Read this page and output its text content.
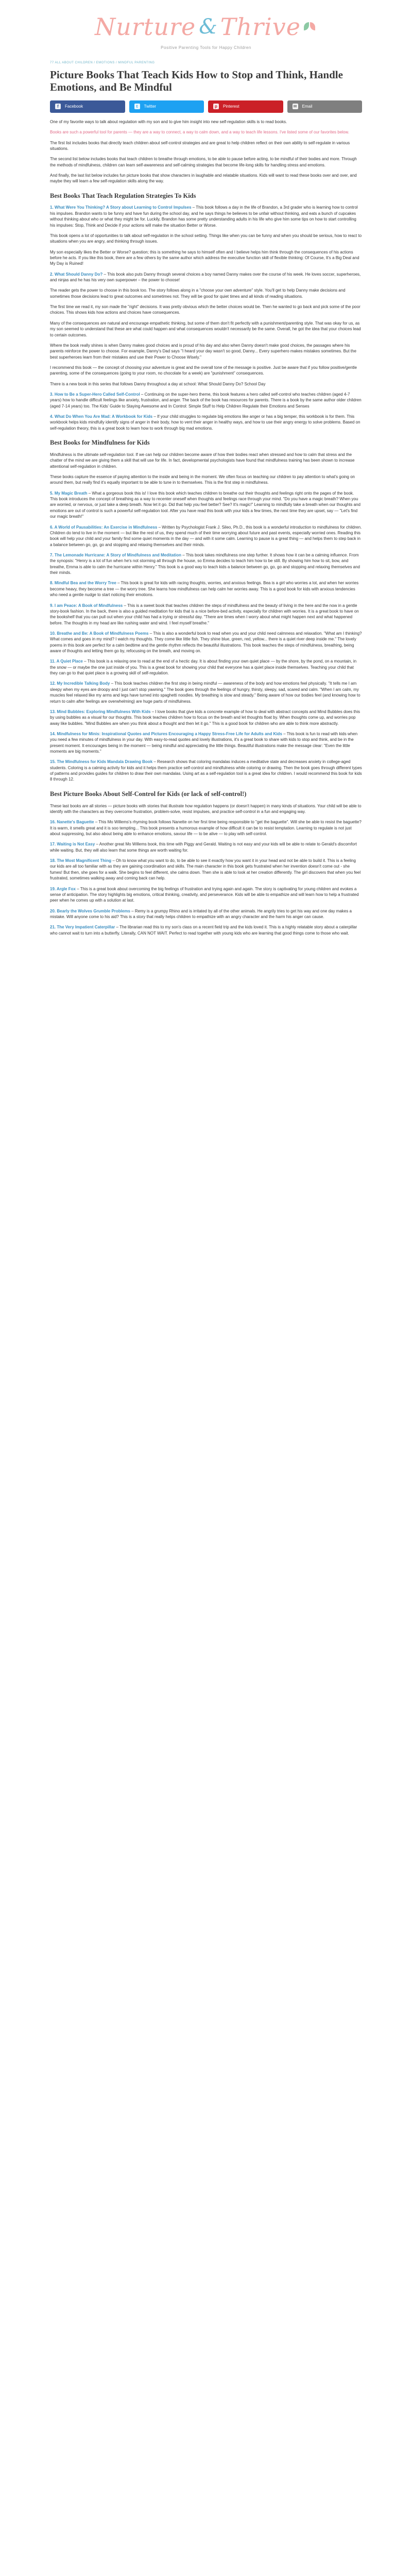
Nurture & Thrive
Positive Parenting Tools for Happy Children
77 ALL ABOUT CHILDREN / EMOTIONS / MINDFUL PARENTING
Picture Books That Teach Kids How to Stop and Think, Handle Emotions, and Be Mindful
f	Facebook	t	Twitter	p	Pinterest	✉ Email

One of my favorite ways to talk about regulation with my son and to give him insight into new self-regulation skills is to read books.

Books are such a powerful tool for parents — they are a way to connect, a way to calm down, and a way to teach life lessons. I've listed some of our favorites below.

The first list includes books that directly teach children about self-control strategies and are great to help children reflect on their own ability to self-regulate in various situations.

The second list below includes books that teach children to breathe through emotions, to be able to pause before acting, to be mindful of their bodies and more. Through the methods of mindfulness, children can learn self-awareness and self-calming strategies that become life-long skills for handling stress and emotions.

And finally, the last list below includes fun picture books that show characters in laughable and relatable situations. Kids will want to read these books over and over, and maybe they will learn a few self-regulation skills along the way.

Best Books That Teach Regulation Strategies To Kids

1. What Were You Thinking? A Story about Learning to Control Impulses – This book follows a day in the life of Brandon, a 3rd grader who is learning how to control his impulses. Brandon wants to be funny and have fun during the school day, and he says things he believes to be unfair without thinking, and eats a bunch of cupcakes without thinking about who or what they might be for. Luckily, Brandon has some pretty understanding adults in his life who give him some tips on how to start controlling his impulses: Stop, Think and Decide if your actions will make the situation Better or Worse.

This book opens a lot of opportunities to talk about self-regulation in the school setting. Things like when you can be funny and when you should be serious, how to react to situations when you are angry, and thinking through issues.

My son especially likes the Better or Worse? question; this is something he says to himself often and I believe helps him think through the consequences of his actions before he acts. If you like this book, there are a few others by the same author which address the executive function skill of flexible thinking: Of Course, It's a Big Deal and My Day is Ruined!

2. What Should Danny Do? – This book also puts Danny through several choices a boy named Danny makes over the course of his week. He loves soccer, superheroes, and ninjas and he has his very own superpower – the power to choose!

The reader gets the power to choose in this book too. The story follows along in a "choose your own adventure" style. You'll get to help Danny make decisions and sometimes those decisions lead to great outcomes and sometimes not. They will be good for quiet times and all kinds of reading situations.

The first time we read it, my son made the "right" decisions. It was pretty obvious which the better choices would be. Then he wanted to go back and pick some of the poor choices. This shows kids how actions and choices have consequences.

Many of the consequences are natural and encourage empathetic thinking, but some of them don't fit perfectly with a punishment/parenting style. That was okay for us, as my son seemed to understand that these are what could happen and what consequences wouldn't necessarily be the same. Overall, he got the idea that your choices lead to certain outcomes.

Where the book really shines is when Danny makes good choices and is proud of his day and also when Danny doesn't make good choices, the passages where his parents reinforce the power to choose. For example, Danny's Dad says "I heard your day wasn't so good, Danny... Every superhero makes mistakes sometimes. But the best superheroes learn from their mistakes and use their Power to Choose Wisely."

I recommend this book — the concept of choosing your adventure is great and the overall tone of the message is positive. Just be aware that if you follow positive/gentle parenting, some of the consequences (going to your room, no chocolate for a week) are "punishment" consequences.

There is a new book in this series that follows Danny throughout a day at school: What Should Danny Do? School Day

3. How to Be a Super-Hero Called Self-Control – Continuing on the super-hero theme, this book features a hero called self-control who teaches children (aged 4-7 years) how to handle difficult feelings like anxiety, frustration, and anger. The back of the book has resources for parents. There is a book by the same author older children (aged 7-14 years) too. The Kids' Guide to Staying Awesome and In Control: Simple Stuff to Help Children Regulate their Emotions and Senses

4. What Do When You Are Mad: A Workbook for Kids – If your child struggles to regulate big emotions like anger or has a big temper, this workbook is for them. This workbook helps kids mindfully identify signs of anger in their body, how to vent their anger in healthy ways, and how to use their angry energy to solve problems. Based on self-regulation theory, this is a great book to learn how to work through big mad emotions.

Best Books for Mindfulness for Kids

Mindfulness is the ultimate self-regulation tool. If we can help our children become aware of how their bodies react when stressed and how to calm that stress and the chatter of the mind we are giving them a skill that will use for life. In fact, developmental psychologists have found that mindfulness training has been shown to increase attentional self-regulation in children.

These books capture the essence of paying attention to the inside and being in the moment. We often focus on teaching our children to pay attention to what's going on around them, but really find it's equally important to be able to tune in to themselves. This is the first step in mindfulness.

5. My Magic Breath – What a gorgeous book this is! I love this book which teaches children to breathe out their thoughts and feelings right onto the pages of the book. This book introduces the concept of breathing as a way to recenter oneself when thoughts and feelings race through your mind. "Do you have a magic breath? When you are worried, or nervous, or just take a deep breath. Now let it go. Did that help you feel better? See? It's magic!" Learning to mindfully take a breath when our thoughts and emotions are out of control is such a powerful self-regulation tool. After you have read this book with your kids a few times, the next time they are upset, say — "Let's find our magic breath!"

6. A World of Pausabilities: An Exercise in Mindfulness – Written by Psychologist Frank J. Sileo, Ph.D., this book is a wonderful introduction to mindfulness for children. Children do tend to live in the moment — but like the rest of us, they spend much of their time worrying about future and past events, especially worried ones. Reading this book will help your child and your family find some quiet moments in the day — and with it some calm. Learning to pause is a great thing — and helps them to step back in a balance between go, go, go and stopping and relaxing themselves and their minds.

7. The Lemonade Hurricane: A Story of Mindfulness and Meditation – This book takes mindfulness one step further. It shows how it can be a calming influence. From the synopsis: "Henry is a lot of fun when he's not storming all through the house, so Emma decides to teach him how to be still. By showing him how to sit, bow, and breathe, Emma is able to calm the hurricane within Henry." This book is a good way to teach kids a balance between go, go, go and stopping and relaxing themselves and their minds.

8. Mindful Bea and the Worry Tree – This book is great for kids with racing thoughts, worries, and anxious feelings. Bea is a girl who worries a lot, and when her worries become heavy, they become a tree — the worry tree. She learns how mindfulness can help calm her worries away. This is a good book for kids with anxious tendencies who need a gentle nudge to start noticing their emotions.

9. I am Peace: A Book of Mindfulness – This is a sweet book that teaches children the steps of mindfulness and the beauty of living in the here and the now in a gentle story-book fashion. In the back, there is also a guided meditation for kids that is a nice before-bed activity, especially for children with worries. It is a great book to have on the bookshelf that you can pull out when your child has had a trying or stressful day. "There are times when I worry about what might happen next and what happened before. The thoughts in my head are like rushing water and wind. I feel myself breathe."

10. Breathe and Be: A Book of Mindfulness Poems – This is also a wonderful book to read when you and your child need calmness and relaxation. "What am I thinking? What comes and goes in my mind? I watch my thoughts. They come like little fish. They shine blue, green, red, yellow... there is a quiet river deep inside me." The lovely poems in this book are perfect for a calm bedtime and the gentle rhythm reflects the beautiful illustrations. This book teaches the steps of mindfulness, breathing, being aware of thoughts and letting them go by, refocusing on the breath, and moving on.

11. A Quiet Place – This book is a relaxing one to read at the end of a hectic day. It is about finding your own quiet place — by the shore, by the pond, on a mountain, in the snow — or maybe the one just inside of you. This is a great book for showing your child that everyone has a quiet place inside themselves. Teaching your child that they can go to that quiet place is a growing skill of self-regulation.

12. My Incredible Talking Body – This book teaches children the first step in being mindful — awareness of the body and how emotions feel physically. "It tells me I am sleepy when my eyes are droopy and I just can't stop yawning." The book goes through the feelings of hungry, thirsty, sleepy, sad, scared and calm. "When I am calm, my muscles feel relaxed like my arms and legs have turned into spaghetti noodles. My breathing is slow and steady." Being aware of how our bodies feel (and knowing how to return to calm after feelings are overwhelming) are huge parts of mindfulness.

13. Mind Bubbles: Exploring Mindfulness With Kids – I love books that give kids a concrete example of how to deal with abstract concepts and Mind Bubbles does this by using bubbles as a visual for our thoughts. This book teaches children how to focus on the breath and let thoughts float by. When thoughts come up, and worries pop away like bubbles. "Mind Bubbles are when you think about a thought and then let it go." This is a good book for children who are able to think more abstractly.

14. Mindfulness for Minis: Inspirational Quotes and Pictures Encouraging a Happy Stress-Free Life for Adults and Kids – This book is fun to read with kids when you need a few minutes of mindfulness in your day. With easy-to-read quotes and lovely illustrations, it's a great book to share with kids to stop and think, and be in the present moment. It encourages being in the moment — being mindful and appreciating the little things. Beautiful illustrations make the message clear: "Even the little moments are big moments."

15. The Mindfulness for Kids Mandala Drawing Book – Research shows that coloring mandalas induces a meditative state and decreases anxiety in college-aged students. Coloring is a calming activity for kids and it helps them practice self-control and mindfulness while coloring or drawing. Then the book goes through different types of patterns and provides guides for children to draw their own mandalas. Using art as a self-regulation tool is a great idea for children. I would recommend this book for kids 8 through 12.

Best Picture Books About Self-Control for Kids (or lack of self-control!)

These last books are all stories — picture books with stories that illustrate how regulation happens (or doesn't happen) in many kinds of situations. Your child will be able to identify with the characters as they overcome frustration, problem-solve, resist impulses, and practice self-control in a fun and engaging way.

16. Nanette's Baguette – This Mo Willems's rhyming book follows Nanette on her first time being responsible to "get the baguette". Will she be able to resist the baguette? It is warm, it smells great and it is soo tempting... This book presents a humorous example of how difficult it can be to resist temptation. Learning to regulate is not just about suppressing, but also about being able to enhance emotions, savour life — to be alive — to play with self-control.

17. Waiting is Not Easy – Another great Mo Willems book, this time with Piggy and Gerald. Waiting is not easy and your kids will be able to relate to Gerald's discomfort while waiting. But, they will also learn that some things are worth waiting for.

18. The Most Magnificent Thing – Oh to know what you want to do, to be able to see it exactly how you want it in your head and not be able to build it. This is a feeling our kids are all too familiar with as they are gaining coordination and skills. The main character in this book gets frustrated when her invention doesn't come out - she fumes! But then, she goes for a walk. She begins to feel different, she calms down. Then she is able to look at her creation differently. The girl discovers that when you feel frustrated, sometimes walking away and coming back can help.

19. Argle Fox – This is a great book about overcoming the big feelings of frustration and trying again and again. The story is captivating for young children and evokes a sense of anticipation. The story highlights big emotions, critical thinking, creativity, and perseverance. Kids will be able to empathize and will learn how to help a frustrated peer when he comes up with a solution at last.

20. Bearly the Wolves Grumble Problems – Remy is a grumpy Rhino and is irritated by all of the other animals. He angrily tries to get his way and one day makes a mistake. Will anyone come to his aid? This is a story that really helps children to empathize with an angry character and the harm his anger can cause.

21. The Very Impatient Caterpillar – The librarian read this to my son's class on a recent field trip and the kids loved it. This is a highly relatable story about a caterpillar who cannot wait to turn into a butterfly. Literally, CAN NOT WAIT. Perfect to read together with young kids who are learning that good things come to those who wait.
